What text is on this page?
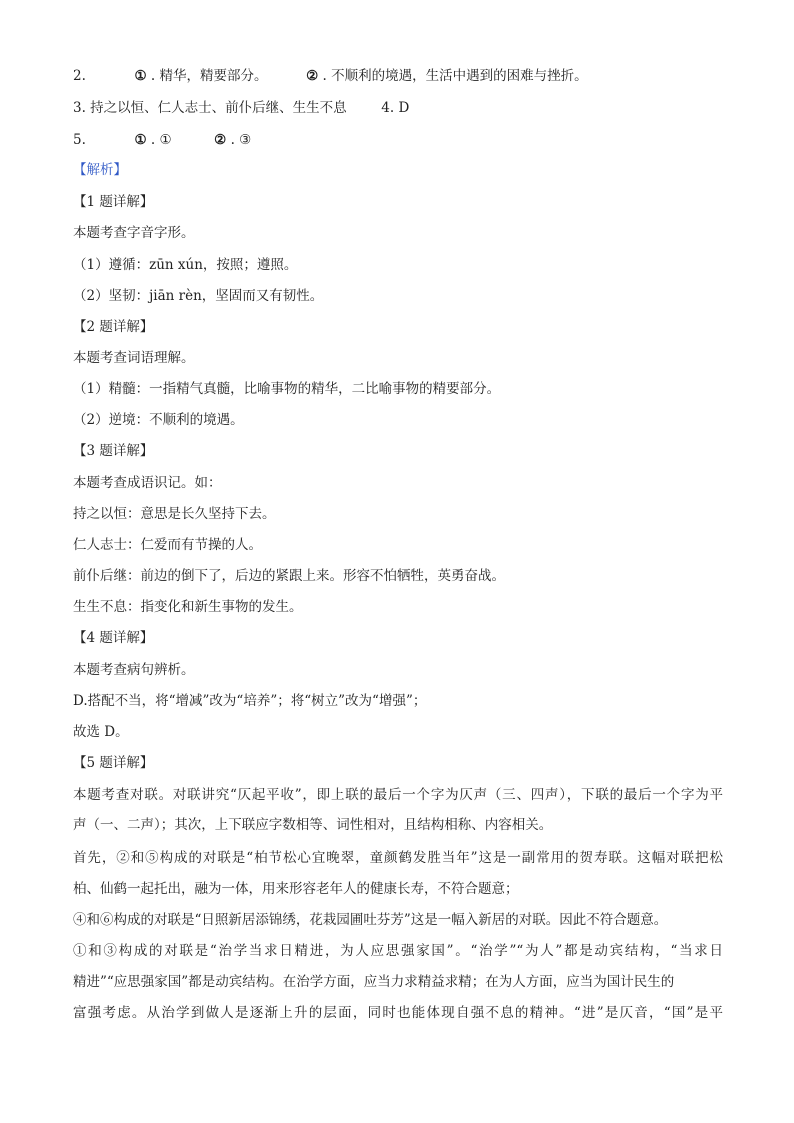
2.	① . 精华，精要部分。	② . 不顺利的境遇，生活中遇到的困难与挫折。
3. 持之以恒、仁人志士、前仆后继、生生不息	4. D
5.	① . ①	② . ③
【解析】
【1 题详解】
本题考查字音字形。
（1）遵循：zūn xún，按照；遵照。
（2）坚韧：jiān rèn，坚固而又有韧性。
【2 题详解】
本题考查词语理解。
（1）精髓：一指精气真髓，比喻事物的精华，二比喻事物的精要部分。
（2）逆境：不顺利的境遇。
【3 题详解】
本题考查成语识记。如：
持之以恒：意思是长久坚持下去。
仁人志士：仁爱而有节操的人。
前仆后继：前边的倒下了，后边的紧跟上来。形容不怕牺牲，英勇奋战。
生生不息：指变化和新生事物的发生。
【4 题详解】
本题考查病句辨析。
D.搭配不当，将“增减”改为“培养”；将“树立”改为“增强”；
故选 D。
【5 题详解】
本题考查对联。对联讲究“仄起平收”，即上联的最后一个字为仄声（三、四声），下联的最后一个字为平
声（一、二声）；其次，上下联应字数相等、词性相对，且结构相称、内容相关。
首先，②和⑤构成的对联是“柏节松心宜晚翠，童颜鹤发胜当年”这是一副常用的贺寿联。这幅对联把松
柏、仙鹤一起托出，融为一体，用来形容老年人的健康长寿，不符合题意；
④和⑥构成的对联是“日照新居添锦绣，花栽园圃吐芬芳”这是一幅入新居的对联。因此不符合题意。
①和③构成的对联是“治学当求日精进，为人应思强家国”。“治学”“为人”都是动宾结构，“当求日
精进”“应思强家国”都是动宾结构。在治学方面，应当力求精益求精；在为人方面，应当为国计民生的
富强考虑。从治学到做人是逐渐上升的层面，同时也能体现自强不息的精神。“进”是仄音，“国”是平
